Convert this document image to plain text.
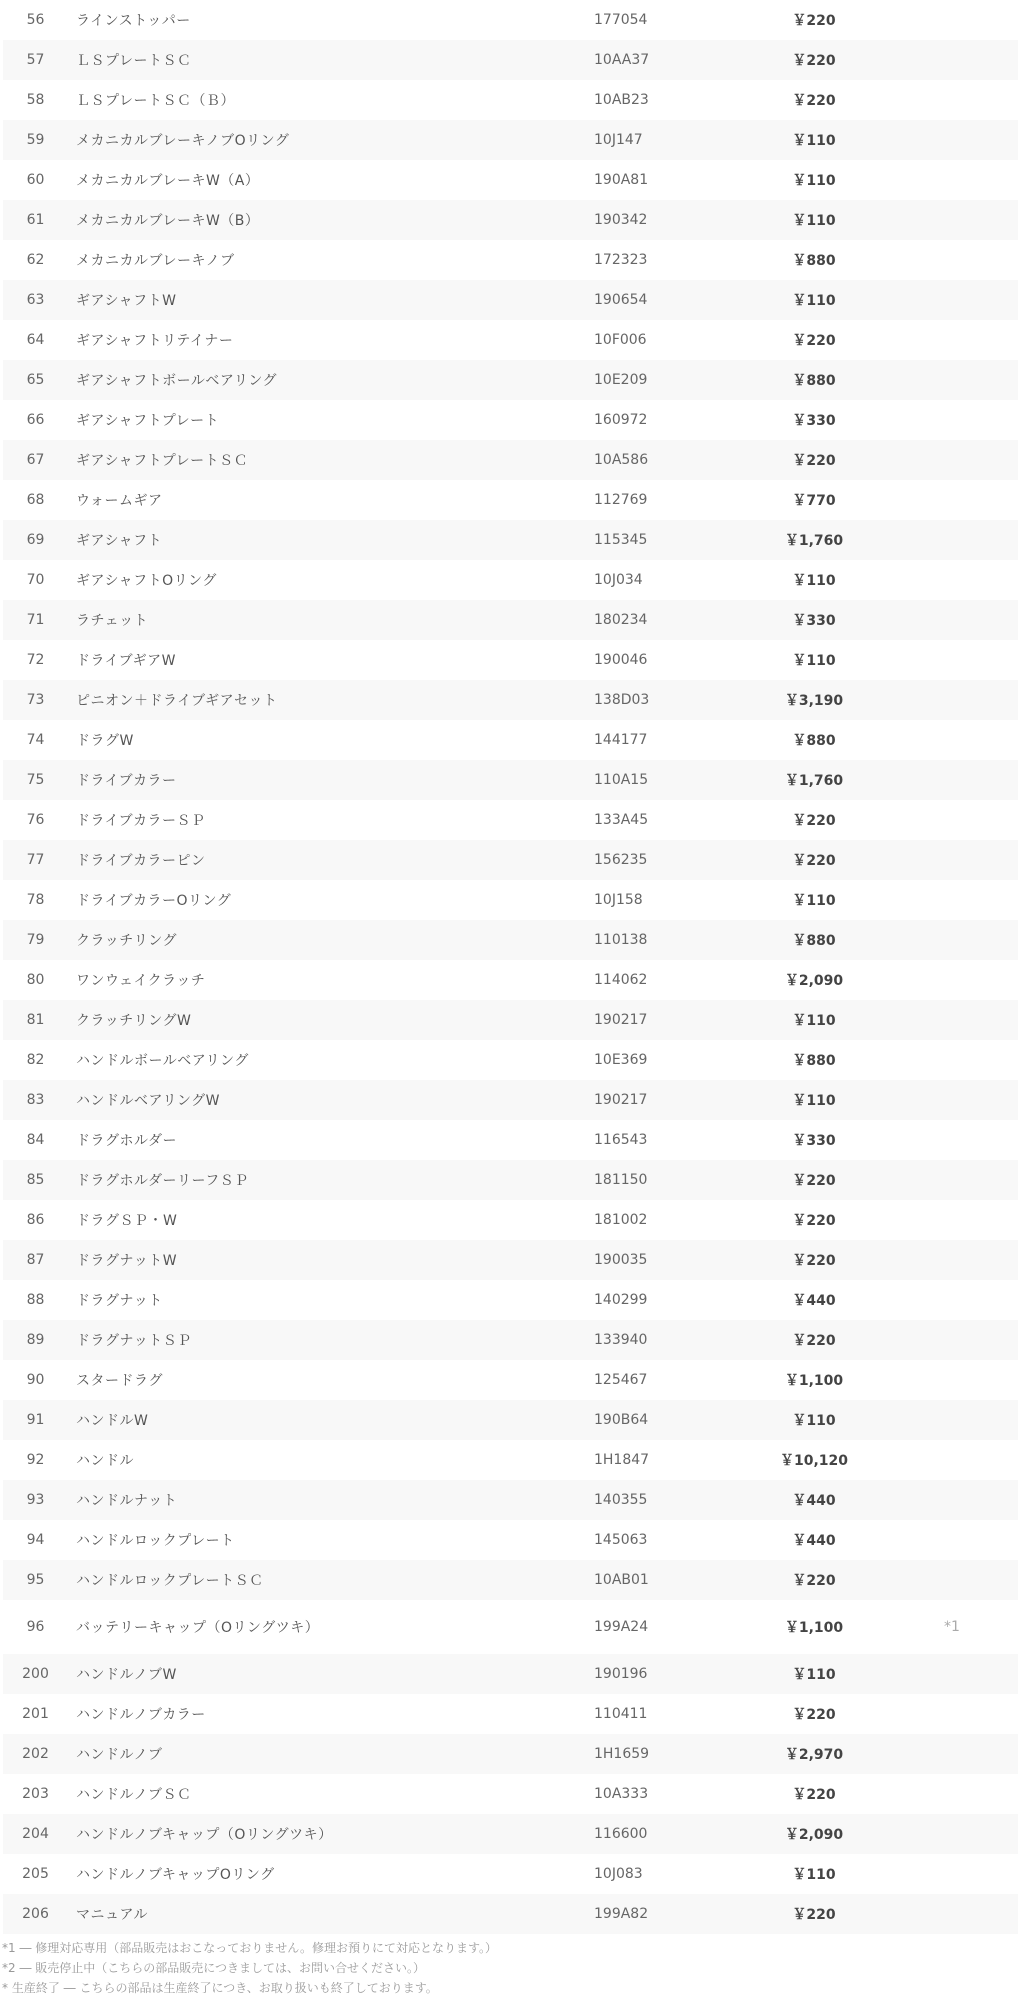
56	ラインストッパー	177054	￥220	
57	ＬＳプレートＳＣ	10AA37	￥220	
58	ＬＳプレートＳＣ（Ｂ）	10AB23	￥220	
59	メカニカルブレーキノブOリング	10J147	￥110	
60	メカニカルブレーキW（A）	190A81	￥110	
61	メカニカルブレーキW（B）	190342	￥110	
62	メカニカルブレーキノブ	172323	￥880	
63	ギアシャフトW	190654	￥110	
64	ギアシャフトリテイナー	10F006	￥220	
65	ギアシャフトボールベアリング	10E209	￥880	
66	ギアシャフトプレート	160972	￥330	
67	ギアシャフトプレートＳＣ	10A586	￥220	
68	ウォームギア	112769	￥770	
69	ギアシャフト	115345	￥1,760	
70	ギアシャフトOリング	10J034	￥110	
71	ラチェット	180234	￥330	
72	ドライブギアW	190046	￥110	
73	ピニオン＋ドライブギアセット	138D03	￥3,190	
74	ドラグW	144177	￥880	
75	ドライブカラー	110A15	￥1,760	
76	ドライブカラーＳＰ	133A45	￥220	
77	ドライブカラーピン	156235	￥220	
78	ドライブカラーOリング	10J158	￥110	
79	クラッチリング	110138	￥880	
80	ワンウェイクラッチ	114062	￥2,090	
81	クラッチリングW	190217	￥110	
82	ハンドルボールベアリング	10E369	￥880	
83	ハンドルベアリングW	190217	￥110	
84	ドラグホルダー	116543	￥330	
85	ドラグホルダーリーフＳＰ	181150	￥220	
86	ドラグＳＰ・W	181002	￥220	
87	ドラグナットW	190035	￥220	
88	ドラグナット	140299	￥440	
89	ドラグナットＳＰ	133940	￥220	
90	スタードラグ	125467	￥1,100	
91	ハンドルW	190B64	￥110	
92	ハンドル	1H1847	￥10,120	
93	ハンドルナット	140355	￥440	
94	ハンドルロックプレート	145063	￥440	
95	ハンドルロックプレートＳＣ	10AB01	￥220	
96	バッテリーキャップ（Oリングツキ）	199A24	￥1,100	*1
200	ハンドルノブW	190196	￥110	
201	ハンドルノブカラー	110411	￥220	
202	ハンドルノブ	1H1659	￥2,970	
203	ハンドルノブＳＣ	10A333	￥220	
204	ハンドルノブキャップ（Oリングツキ）	116600	￥2,090	
205	ハンドルノブキャップOリング	10J083	￥110	
206	マニュアル	199A82	￥220	

*1 ― 修理対応専用（部品販売はおこなっておりません。修理お預りにて対応となります。）

*2 ― 販売停止中（こちらの部品販売につきましては、お問い合せください。）

* 生産終了 ― こちらの部品は生産終了につき、お取り扱いも終了しております。
